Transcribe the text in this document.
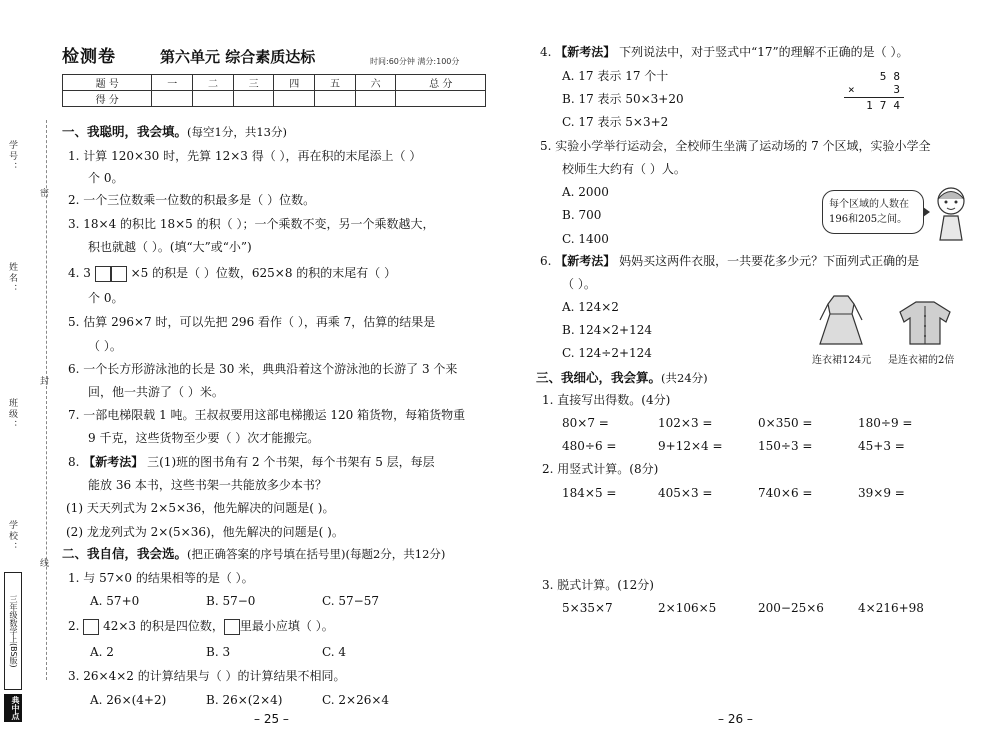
学号：
姓名：
班级：
学校：
密
封
线
三年级数学上(BS版)
典中点
检测卷	第六单元 综合素质达标	时间:60分钟 满分:100分
题 号	一	二	三	四	五	六	总 分
得 分							
一、我聪明，我会填。(每空1分，共13分)
1. 计算 120×30 时，先算 12×3 得（ ），再在积的末尾添上（ ）
个 0。
2. 一个三位数乘一位数的积最多是（ ）位数。
3. 18×4 的积比 18×5 的积（ ）；一个乘数不变，另一个乘数越大，
积也就越（ ）。(填“大”或“小”)
4. 3	×5 的积是（ ）位数，625×8 的积的末尾有（ ）
个 0。
5. 估算 296×7 时，可以先把 296 看作（ ），再乘 7，估算的结果是
（ ）。
6. 一个长方形游泳池的长是 30 米，典典沿着这个游泳池的长游了 3 个来
回，他一共游了（ ）米。
7. 一部电梯限载 1 吨。王叔叔要用这部电梯搬运 120 箱货物，每箱货物重
9 千克，这些货物至少要（ ）次才能搬完。
8. 【新考法】 三(1)班的图书角有 2 个书架，每个书架有 5 层，每层
能放 36 本书，这些书架一共能放多少本书？
(1) 天天列式为 2×5×36，他先解决的问题是( )。
(2) 龙龙列式为 2×(5×36)，他先解决的问题是( )。
二、我自信，我会选。(把正确答案的序号填在括号里)(每题2分，共12分)
1. 与 57×0 的结果相等的是（ ）。
A. 57+0	B. 57−0	C. 57−57
2. 42×3 的积是四位数， 里最小应填（ ）。
A. 2	B. 3	C. 4
3. 26×4×2 的计算结果与（ ）的计算结果不相同。
A. 26×(4+2)	B. 26×(2×4)	C. 2×26×4
– 25 –
4. 【新考法】 下列说法中，对于竖式中“17”的理解不正确的是（ ）。
A. 17 表示 17 个十
B. 17 表示 50×3+20
C. 17 表示 5×3+2
5 8
×	3
1 7 4
5. 实验小学举行运动会，全校师生坐满了运动场的 7 个区域，实验小学全
校师生大约有（ ）人。
A. 2000
B. 700
C. 1400
每个区域的人数在
196和205之间。
6. 【新考法】 妈妈买这两件衣服，一共要花多少元？下面列式正确的是
（ ）。
A. 124×2
B. 124×2+124
C. 124÷2+124
连衣裙124元 是连衣裙的2倍
三、我细心，我会算。(共24分)
1. 直接写出得数。(4分)
80×7 =	102×3 =	0×350 =	180÷9 =
480÷6 =	9+12×4 =	150÷3 =	45+3 =
2. 用竖式计算。(8分)
184×5 =	405×3 =	740×6 =	39×9 =
3. 脱式计算。(12分)
5×35×7	2×106×5	200−25×6	4×216+98
– 26 –
